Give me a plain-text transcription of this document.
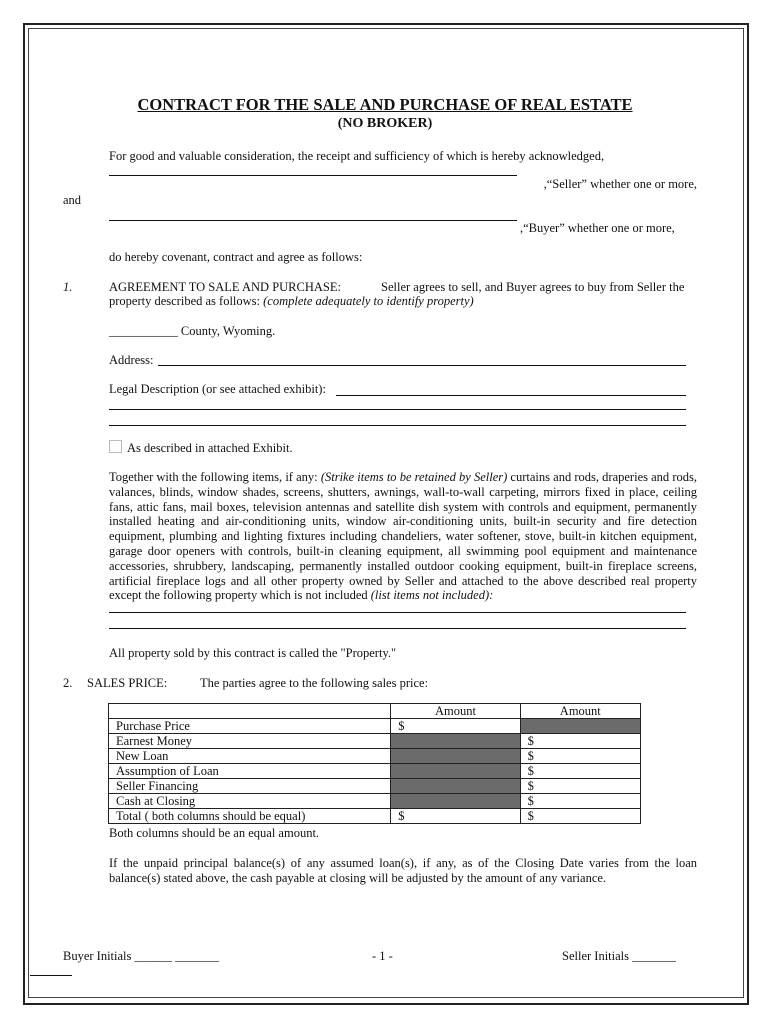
CONTRACT FOR THE SALE AND PURCHASE OF REAL ESTATE
(NO BROKER)
For good and valuable consideration, the receipt and sufficiency of which is hereby acknowledged,
,“Seller” whether one or more,
and
,“Buyer” whether one or more,
do hereby covenant, contract and agree as follows:
1.	AGREEMENT TO SALE AND PURCHASE:	Seller agrees to sell, and Buyer agrees to buy from Seller the
property described as follows: (complete adequately to identify property)
___________ County, Wyoming.
Address:
Legal Description (or see attached exhibit):
As described in attached Exhibit.
Together with the following items, if any: (Strike items to be retained by Seller) curtains and rods, draperies and rods, valances, blinds, window shades, screens, shutters, awnings, wall-to-wall carpeting, mirrors fixed in place, ceiling fans, attic fans, mail boxes, television antennas and satellite dish system with controls and equipment, permanently installed heating and air-conditioning units, window air-conditioning units, built-in security and fire detection equipment, plumbing and lighting fixtures including chandeliers, water softener, stove, built-in kitchen equipment, garage door openers with controls, built-in cleaning equipment, all swimming pool equipment and maintenance accessories, shrubbery, landscaping, permanently installed outdoor cooking equipment, built-in fireplace screens, artificial fireplace logs and all other property owned by Seller and attached to the above described real property except the following property which is not included (list items not included):
All property sold by this contract is called the "Property."
2. SALES PRICE:	The parties agree to the following sales price:
	Amount	Amount
Purchase Price	$	
Earnest Money		$
New Loan		$
Assumption of Loan		$
Seller Financing		$
Cash at Closing		$
Total ( both columns should be equal)	$	$
Both columns should be an equal amount.
If the unpaid principal balance(s) of any assumed loan(s), if any, as of the Closing Date varies from the loan balance(s) stated above, the cash payable at closing will be adjusted by the amount of any variance.
Buyer Initials ______ _______	- 1 -	Seller Initials _______
